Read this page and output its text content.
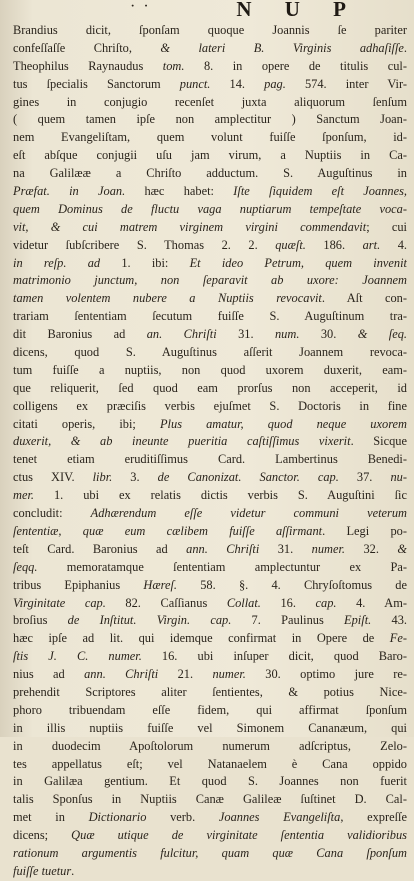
· ·	N U P
Brandius dicit, ſponſam quoque Joannis ſe pariter
confeſſaſſe Chriſto, & lateri B. Virginis adhaſiſſe.
Theophilus Raynaudus tom. 8. in opere de titulis cul-
tus ſpecialis Sanctorum punct. 14. pag. 574. inter Vir-
gines in conjugio recenſet juxta aliquorum ſenſum
( quem tamen ipſe non amplectitur ) Sanctum Joan-
nem Evangeliſtam, quem volunt fuiſſe ſponſum, id-
eſt abſque conjugii uſu jam virum, a Nuptiis in Ca-
na Galilææ a Chriſto adductum. S. Auguſtinus in
Præfat. in Joan. hæc habet: Iſte ſiquidem eſt Joannes,
quem Dominus de fluctu vaga nuptiarum tempeſtate voca-
vit, & cui matrem virginem virgini commendavit; cui
videtur ſubſcribere S. Thomas 2. 2. quæſt. 186. art. 4.
in reſp. ad 1. ibi: Et ideo Petrum, quem invenit
matrimonio junctum, non ſeparavit ab uxore: Joannem
tamen volentem nubere a Nuptiis revocavit. Aſt con-
trariam ſententiam ſecutum fuiſſe S. Auguſtinum tra-
dit Baronius ad an. Chriſti 31. num. 30. & ſeq.
dicens, quod S. Auguſtinus aſſerit Joannem revoca-
tum fuiſſe a nuptiis, non quod uxorem duxerit, eam-
que reliquerit, ſed quod eam prorſus non acceperit, id
colligens ex præciſis verbis ejuſmet S. Doctoris in fine
citati operis, ibi; Plus amatur, quod neque uxorem
duxerit, & ab ineunte pueritia caſtiſſimus vixerit. Sicque
tenet etiam eruditiſſimus Card. Lambertinus Benedi-
ctus XIV. libr. 3. de Canonizat. Sanctor. cap. 37. nu-
mer. 1. ubi ex relatis dictis verbis S. Auguſtini ſic
concludit: Adhærendum eſſe videtur communi veterum
ſententiæ, quæ eum cælibem fuiſſe aſſirmant. Legi po-
teſt Card. Baronius ad ann. Chriſti 31. numer. 32. &
ſeqq. memoratamque ſententiam amplectuntur ex Pa-
tribus Epiphanius Hæreſ. 58. §. 4. Chryſoſtomus de
Virginitate cap. 82. Caſſianus Collat. 16. cap. 4. Am-
broſius de Inſtitut. Virgin. cap. 7. Paulinus Epiſt. 43.
hæc ipſe ad lit. qui idemque confirmat in Opere de Fe-
ſtis J. C. numer. 16. ubi inſuper dicit, quod Baro-
nius ad ann. Chriſti 21. numer. 30. optimo jure re-
prehendit Scriptores aliter ſentientes, & potius Nice-
phoro tribuendam eſſe fidem, qui affirmat ſponſum
in illis nuptiis fuiſſe vel Simonem Cananæum, qui
in duodecim Apoſtolorum numerum adſcriptus, Zelo-
tes appellatus eſt; vel Natanaelem è Cana oppido
in Galilæa gentium. Et quod S. Joannes non fuerit
talis Sponſus in Nuptiis Canæ Galileæ ſuſtinet D. Cal-
met in Dictionario verb. Joannes Evangeliſta, expreſſe
dicens; Quæ utique de virginitate ſententia validioribus
rationum argumentis fulcitur, quam quæ Cana ſponſum
fuiſſe tuetur.
